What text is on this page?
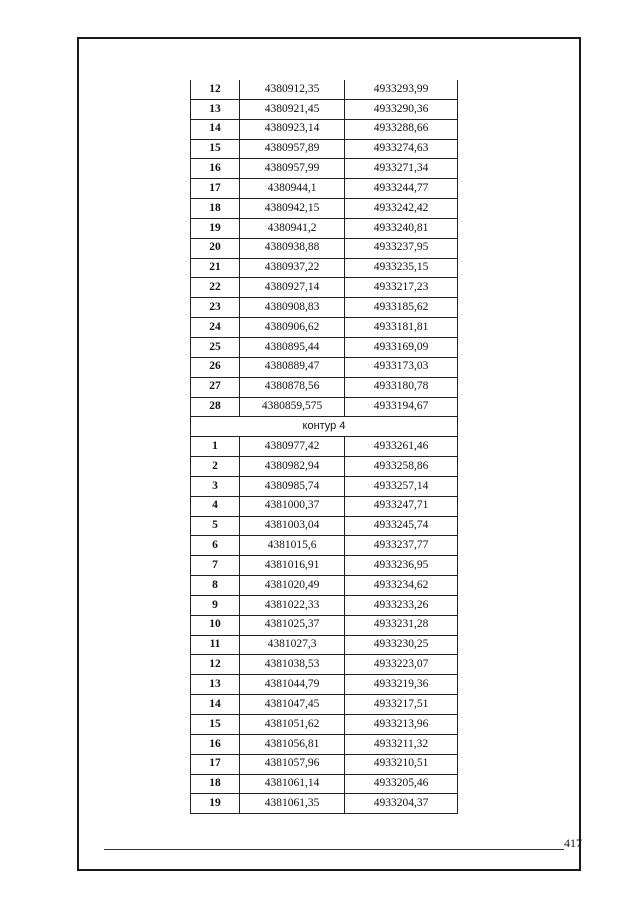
12	4380912,35	4933293,99
13	4380921,45	4933290,36
14	4380923,14	4933288,66
15	4380957,89	4933274,63
16	4380957,99	4933271,34
17	4380944,1	4933244,77
18	4380942,15	4933242,42
19	4380941,2	4933240,81
20	4380938,88	4933237,95
21	4380937,22	4933235,15
22	4380927,14	4933217,23
23	4380908,83	4933185,62
24	4380906,62	4933181,81
25	4380895,44	4933169,09
26	4380889,47	4933173,03
27	4380878,56	4933180,78
28	4380859,575	4933194,67
контур 4		
1	4380977,42	4933261,46
2	4380982,94	4933258,86
3	4380985,74	4933257,14
4	4381000,37	4933247,71
5	4381003,04	4933245,74
6	4381015,6	4933237,77
7	4381016,91	4933236,95
8	4381020,49	4933234,62
9	4381022,33	4933233,26
10	4381025,37	4933231,28
11	4381027,3	4933230,25
12	4381038,53	4933223,07
13	4381044,79	4933219,36
14	4381047,45	4933217,51
15	4381051,62	4933213,96
16	4381056,81	4933211,32
17	4381057,96	4933210,51
18	4381061,14	4933205,46
19	4381061,35	4933204,37
417
